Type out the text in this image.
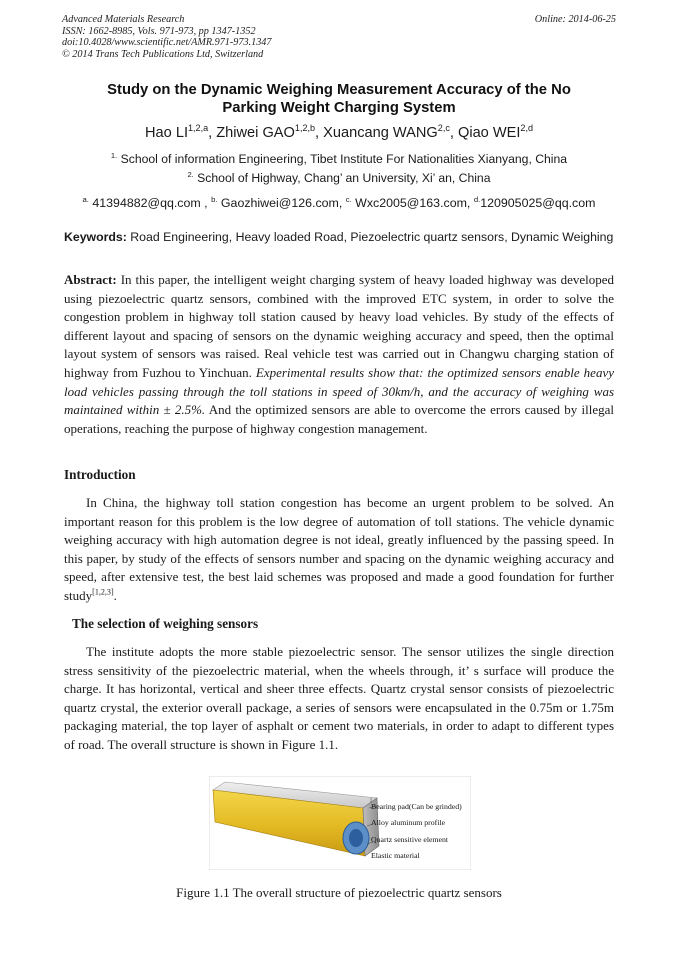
Advanced Materials Research
ISSN: 1662-8985, Vols. 971-973, pp 1347-1352
doi:10.4028/www.scientific.net/AMR.971-973.1347
© 2014 Trans Tech Publications Ltd, Switzerland
Online: 2014-06-25
Study on the Dynamic Weighing Measurement Accuracy of the No
Parking Weight Charging System
Hao LI$^{1,2,a}$, Zhiwei GAO$^{1,2,b}$, Xuancang WANG$^{2,c}$, Qiao WEI$^{2,d}$
$^{1.}$ School of information Engineering, Tibet Institute For Nationalities Xianyang, China
$^{2.}$ School of Highway, Chang’ an University, Xi’ an, China
$^{a.}$ 41394882@qq.com , $^{b.}$ Gaozhiwei@126.com, $^{c.}$ Wxc2005@163.com, $^{d.}$120905025@qq.com
Keywords: Road Engineering, Heavy loaded Road, Piezoelectric quartz sensors, Dynamic Weighing
Abstract: In this paper, the intelligent weight charging system of heavy loaded highway was developed using piezoelectric quartz sensors, combined with the improved ETC system, in order to solve the congestion problem in highway toll station caused by heavy load vehicles. By study of the effects of different layout and spacing of sensors on the dynamic weighing accuracy and speed, then the optimal layout system of sensors was raised. Real vehicle test was carried out in Changwu charging station of highway from Fuzhou to Yinchuan. Experimental results show that: the optimized sensors enable heavy load vehicles passing through the toll stations in speed of 30km/h, and the accuracy of weighing was maintained within ± 2.5%. And the optimized sensors are able to overcome the errors caused by illegal operations, reaching the purpose of highway congestion management.
Introduction
In China, the highway toll station congestion has become an urgent problem to be solved. An important reason for this problem is the low degree of automation of toll stations. The vehicle dynamic weighing accuracy with high automation degree is not ideal, greatly influenced by the passing speed. In this paper, by study of the effects of sensors number and spacing on the dynamic weighing accuracy and speed, after extensive test, the best laid schemes was proposed and made a good foundation for further study[1,2,3].
The selection of weighing sensors
The institute adopts the more stable piezoelectric sensor. The sensor utilizes the single direction stress sensitivity of the piezoelectric material, when the wheels through, it’ s surface will produce the charge. It has horizontal, vertical and sheer three effects. Quartz crystal sensor consists of piezoelectric quartz crystal, the exterior overall package, a series of sensors were encapsulated in the 0.75m or 1.75m packaging material, the top layer of asphalt or cement two materials, in order to adapt to different types of road. The overall structure is shown in Figure 1.1.
Bearing pad(Can be grinded)
Alloy aluminum profile
Quartz sensitive element
Elastic material
Figure 1.1 The overall structure of piezoelectric quartz sensors
